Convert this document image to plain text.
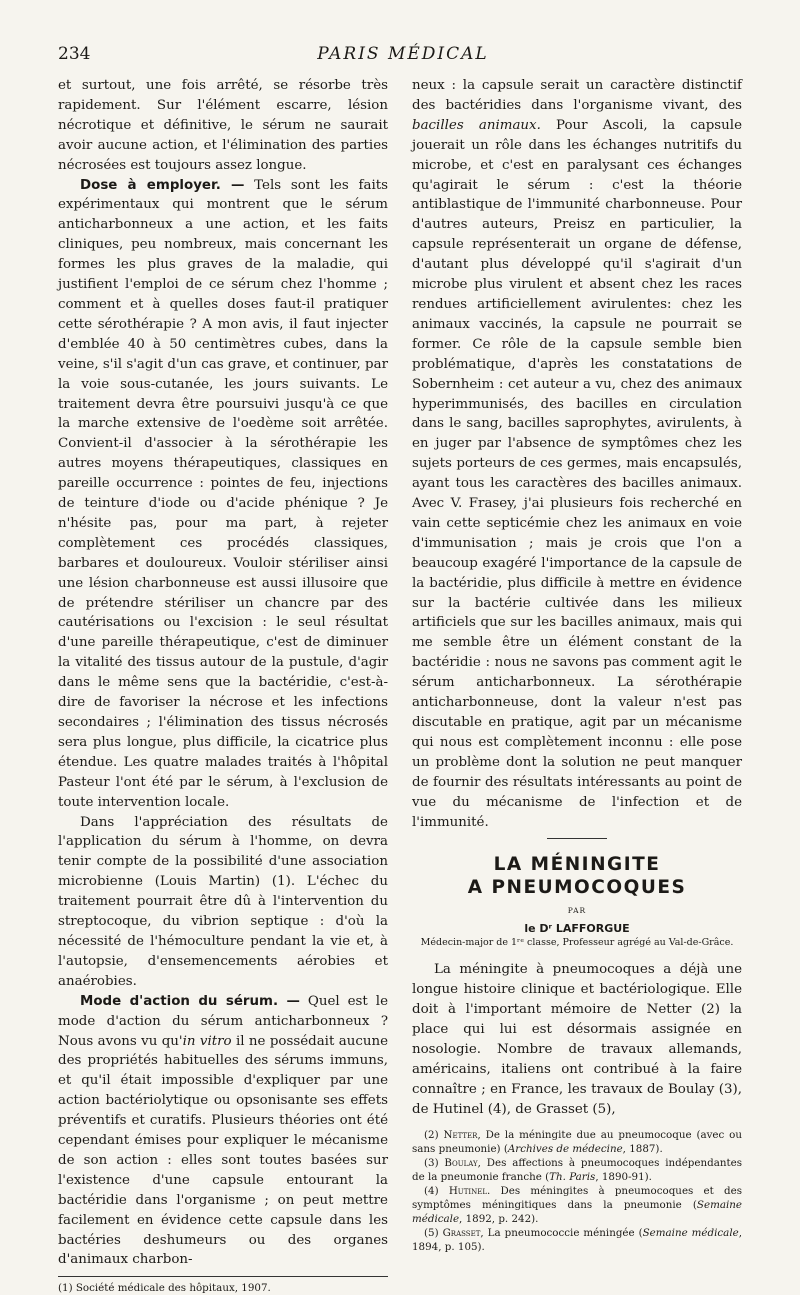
234	PARIS MÉDICAL

et surtout, une fois arrêté, se résorbe très rapidement. Sur l'élément escarre, lésion nécrotique et définitive, le sérum ne saurait avoir aucune action, et l'élimination des parties nécrosées est toujours assez longue.

Dose à employer. — Tels sont les faits expérimentaux qui montrent que le sérum anticharbonneux a une action, et les faits cliniques, peu nombreux, mais concernant les formes les plus graves de la maladie, qui justifient l'emploi de ce sérum chez l'homme ; comment et à quelles doses faut-il pratiquer cette sérothérapie ? A mon avis, il faut injecter d'emblée 40 à 50 centimètres cubes, dans la veine, s'il s'agit d'un cas grave, et continuer, par la voie sous-cutanée, les jours suivants. Le traitement devra être poursuivi jusqu'à ce que la marche extensive de l'oedème soit arrêtée. Convient-il d'associer à la sérothérapie les autres moyens thérapeutiques, classiques en pareille occurrence : pointes de feu, injections de teinture d'iode ou d'acide phénique ? Je n'hésite pas, pour ma part, à rejeter complètement ces procédés classiques, barbares et douloureux. Vouloir stériliser ainsi une lésion charbonneuse est aussi illusoire que de prétendre stériliser un chancre par des cautérisations ou l'excision : le seul résultat d'une pareille thérapeutique, c'est de diminuer la vitalité des tissus autour de la pustule, d'agir dans le même sens que la bactéridie, c'est-à-dire de favoriser la nécrose et les infections secondaires ; l'élimination des tissus nécrosés sera plus longue, plus difficile, la cicatrice plus étendue. Les quatre malades traités à l'hôpital Pasteur l'ont été par le sérum, à l'exclusion de toute intervention locale.

Dans l'appréciation des résultats de l'application du sérum à l'homme, on devra tenir compte de la possibilité d'une association microbienne (Louis Martin) (1). L'échec du traitement pourrait être dû à l'intervention du streptocoque, du vibrion septique : d'où la nécessité de l'hémoculture pendant la vie et, à l'autopsie, d'ensemencements aérobies et anaérobies.

Mode d'action du sérum. — Quel est le mode d'action du sérum anticharbonneux ? Nous avons vu qu'in vitro il ne possédait aucune des propriétés habituelles des sérums immuns, et qu'il était impossible d'expliquer par une action bactériolytique ou opsonisante ses effets préventifs et curatifs. Plusieurs théories ont été cependant émises pour expliquer le mécanisme de son action : elles sont toutes basées sur l'existence d'une capsule entourant la bactéridie dans l'organisme ; on peut mettre facilement en évidence cette capsule dans les bactéries deshumeurs ou des organes d'animaux charbon-

(1) Société médicale des hôpitaux, 1907.

neux : la capsule serait un caractère distinctif des bactéridies dans l'organisme vivant, des bacilles animaux. Pour Ascoli, la capsule jouerait un rôle dans les échanges nutritifs du microbe, et c'est en paralysant ces échanges qu'agirait le sérum : c'est la théorie antiblastique de l'immunité charbonneuse. Pour d'autres auteurs, Preisz en particulier, la capsule représenterait un organe de défense, d'autant plus développé qu'il s'agirait d'un microbe plus virulent et absent chez les races rendues artificiellement avirulentes: chez les animaux vaccinés, la capsule ne pourrait se former. Ce rôle de la capsule semble bien problématique, d'après les constatations de Sobernheim : cet auteur a vu, chez des animaux hyperimmunisés, des bacilles en circulation dans le sang, bacilles saprophytes, avirulents, à en juger par l'absence de symptômes chez les sujets porteurs de ces germes, mais encapsulés, ayant tous les caractères des bacilles animaux. Avec V. Frasey, j'ai plusieurs fois recherché en vain cette septicémie chez les animaux en voie d'immunisation ; mais je crois que l'on a beaucoup exagéré l'importance de la capsule de la bactéridie, plus difficile à mettre en évidence sur la bactérie cultivée dans les milieux artificiels que sur les bacilles animaux, mais qui me semble être un élément constant de la bactéridie : nous ne savons pas comment agit le sérum anticharbonneux. La sérothérapie anticharbonneuse, dont la valeur n'est pas discutable en pratique, agit par un mécanisme qui nous est complètement inconnu : elle pose un problème dont la solution ne peut manquer de fournir des résultats intéressants au point de vue du mécanisme de l'infection et de l'immunité.

LA MÉNINGITE
A PNEUMOCOQUES
PAR
le Dʳ LAFFORGUE
Médecin-major de 1ʳᵉ classe, Professeur agrégé au Val-de-Grâce.

La méningite à pneumocoques a déjà une longue histoire clinique et bactériologique. Elle doit à l'important mémoire de Netter (2) la place qui lui est désormais assignée en nosologie. Nombre de travaux allemands, américains, italiens ont contribué à la faire connaître ; en France, les travaux de Boulay (3), de Hutinel (4), de Grasset (5),

(2) Netter, De la méningite due au pneumocoque (avec ou sans pneumonie) (Archives de médecine, 1887).

(3) Boulay, Des affections à pneumocoques indépendantes de la pneumonie franche (Th. Paris, 1890-91).

(4) Hutinel. Des méningites à pneumocoques et des symptômes méningitiques dans la pneumonie (Semaine médicale, 1892, p. 242).

(5) Grasset, La pneumococcie méningée (Semaine médicale, 1894, p. 105).
